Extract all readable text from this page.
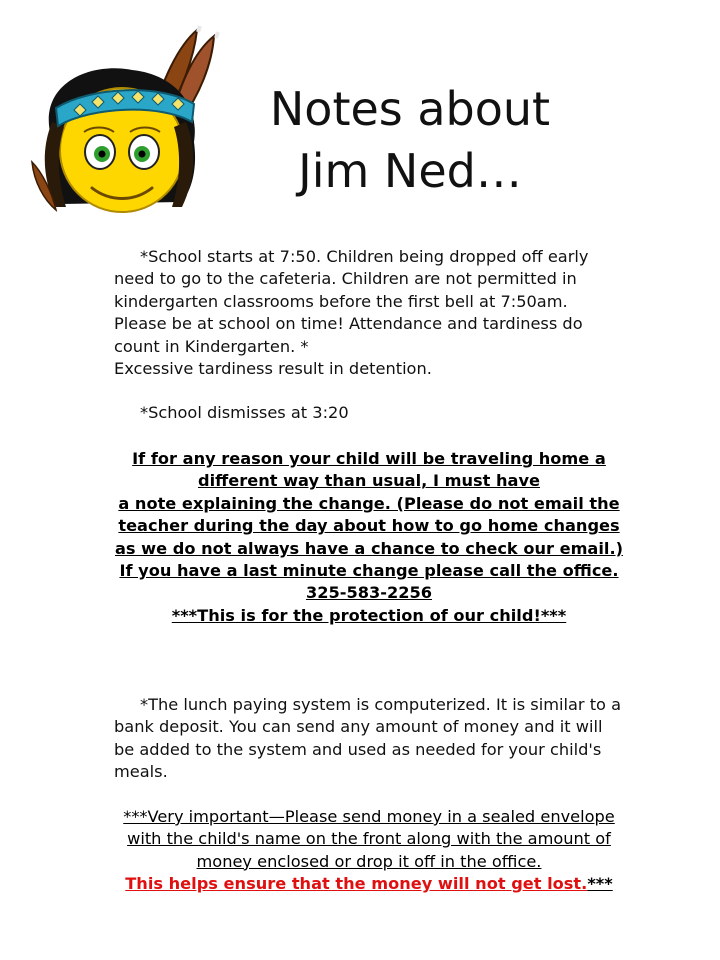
Notes about
Jim Ned…
*School starts at 7:50. Children being dropped off early need to go to the cafeteria. Children are not permitted in kindergarten classrooms before the first bell at 7:50am. Please be at school on time! Attendance and tardiness do count in Kindergarten. *
Excessive tardiness result in detention.
*School dismisses at 3:20
If for any reason your child will be traveling home a
different way than usual, I must have
a note explaining the change. (Please do not email the teacher during the day about how to go home changes as we do not always have a chance to check our email.)
If you have a last minute change please call the office.
325-583-2256
***This is for the protection of our child!***
*The lunch paying system is computerized. It is similar to a bank deposit. You can send any amount of money and it will be added to the system and used as needed for your child's meals.
***Very important—Please send money in a sealed envelope with the child's name on the front along with the amount of money enclosed or drop it off in the office.
This helps ensure that the money will not get lost.***
